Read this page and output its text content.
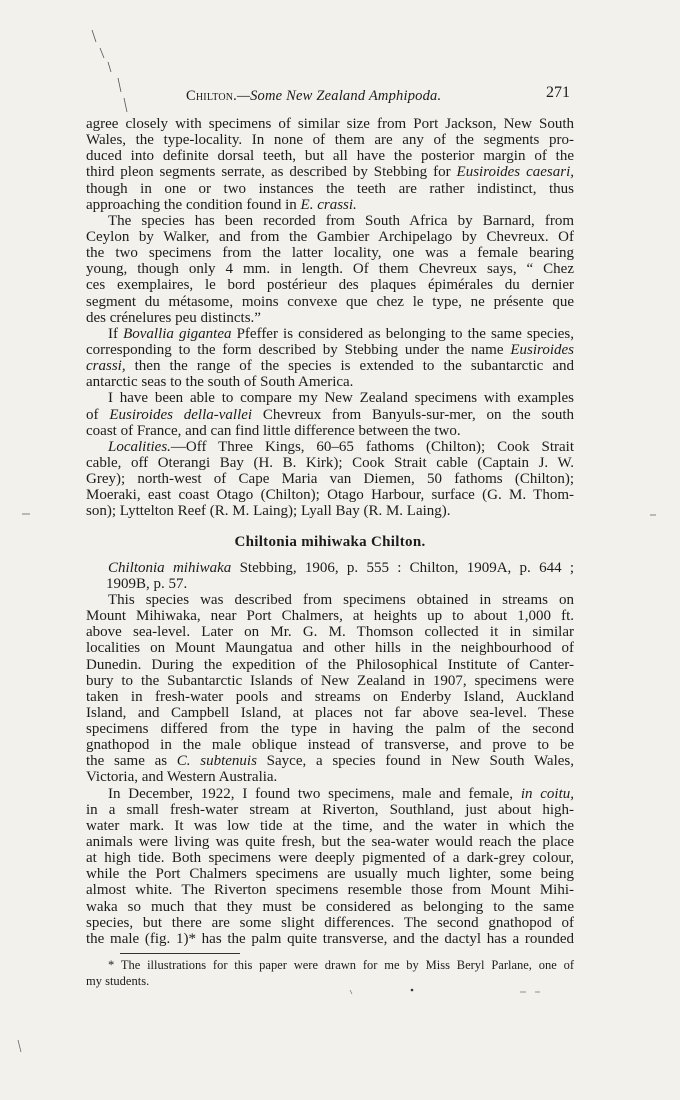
Chilton.—Some New Zealand Amphipoda.	271
agree closely with specimens of similar size from Port Jackson, New South
Wales, the type-locality. In none of them are any of the segments pro-
duced into definite dorsal teeth, but all have the posterior margin of the
third pleon segments serrate, as described by Stebbing for Eusiroides caesari,
though in one or two instances the teeth are rather indistinct, thus
approaching the condition found in E. crassi.
The species has been recorded from South Africa by Barnard, from
Ceylon by Walker, and from the Gambier Archipelago by Chevreux. Of
the two specimens from the latter locality, one was a female bearing
young, though only 4 mm. in length. Of them Chevreux says, “ Chez
ces exemplaires, le bord postérieur des plaques épimérales du dernier
segment du métasome, moins convexe que chez le type, ne présente que
des crénelures peu distincts.”
If Bovallia gigantea Pfeffer is considered as belonging to the same species,
corresponding to the form described by Stebbing under the name Eusiroides
crassi, then the range of the species is extended to the subantarctic and
antarctic seas to the south of South America.
I have been able to compare my New Zealand specimens with examples
of Eusiroides della-vallei Chevreux from Banyuls-sur-mer, on the south
coast of France, and can find little difference between the two.
Localities.—Off Three Kings, 60–65 fathoms (Chilton); Cook Strait
cable, off Oterangi Bay (H. B. Kirk); Cook Strait cable (Captain J. W.
Grey); north-west of Cape Maria van Diemen, 50 fathoms (Chilton);
Moeraki, east coast Otago (Chilton); Otago Harbour, surface (G. M. Thom-
son); Lyttelton Reef (R. M. Laing); Lyall Bay (R. M. Laing).
Chiltonia mihiwaka Chilton.
Chiltonia mihiwaka Stebbing, 1906, p. 555 : Chilton, 1909A, p. 644 ;
1909B, p. 57.
This species was described from specimens obtained in streams on
Mount Mihiwaka, near Port Chalmers, at heights up to about 1,000 ft.
above sea-level. Later on Mr. G. M. Thomson collected it in similar
localities on Mount Maungatua and other hills in the neighbourhood of
Dunedin. During the expedition of the Philosophical Institute of Canter-
bury to the Subantarctic Islands of New Zealand in 1907, specimens were
taken in fresh-water pools and streams on Enderby Island, Auckland
Island, and Campbell Island, at places not far above sea-level. These
specimens differed from the type in having the palm of the second
gnathopod in the male oblique instead of transverse, and prove to be
the same as C. subtenuis Sayce, a species found in New South Wales,
Victoria, and Western Australia.
In December, 1922, I found two specimens, male and female, in coitu,
in a small fresh-water stream at Riverton, Southland, just about high-
water mark. It was low tide at the time, and the water in which the
animals were living was quite fresh, but the sea-water would reach the place
at high tide. Both specimens were deeply pigmented of a dark-grey colour,
while the Port Chalmers specimens are usually much lighter, some being
almost white. The Riverton specimens resemble those from Mount Mihi-
waka so much that they must be considered as belonging to the same
species, but there are some slight differences. The second gnathopod of
the male (fig. 1)* has the palm quite transverse, and the dactyl has a rounded
* The illustrations for this paper were drawn for me by Miss Beryl Parlane, one of
my students.
